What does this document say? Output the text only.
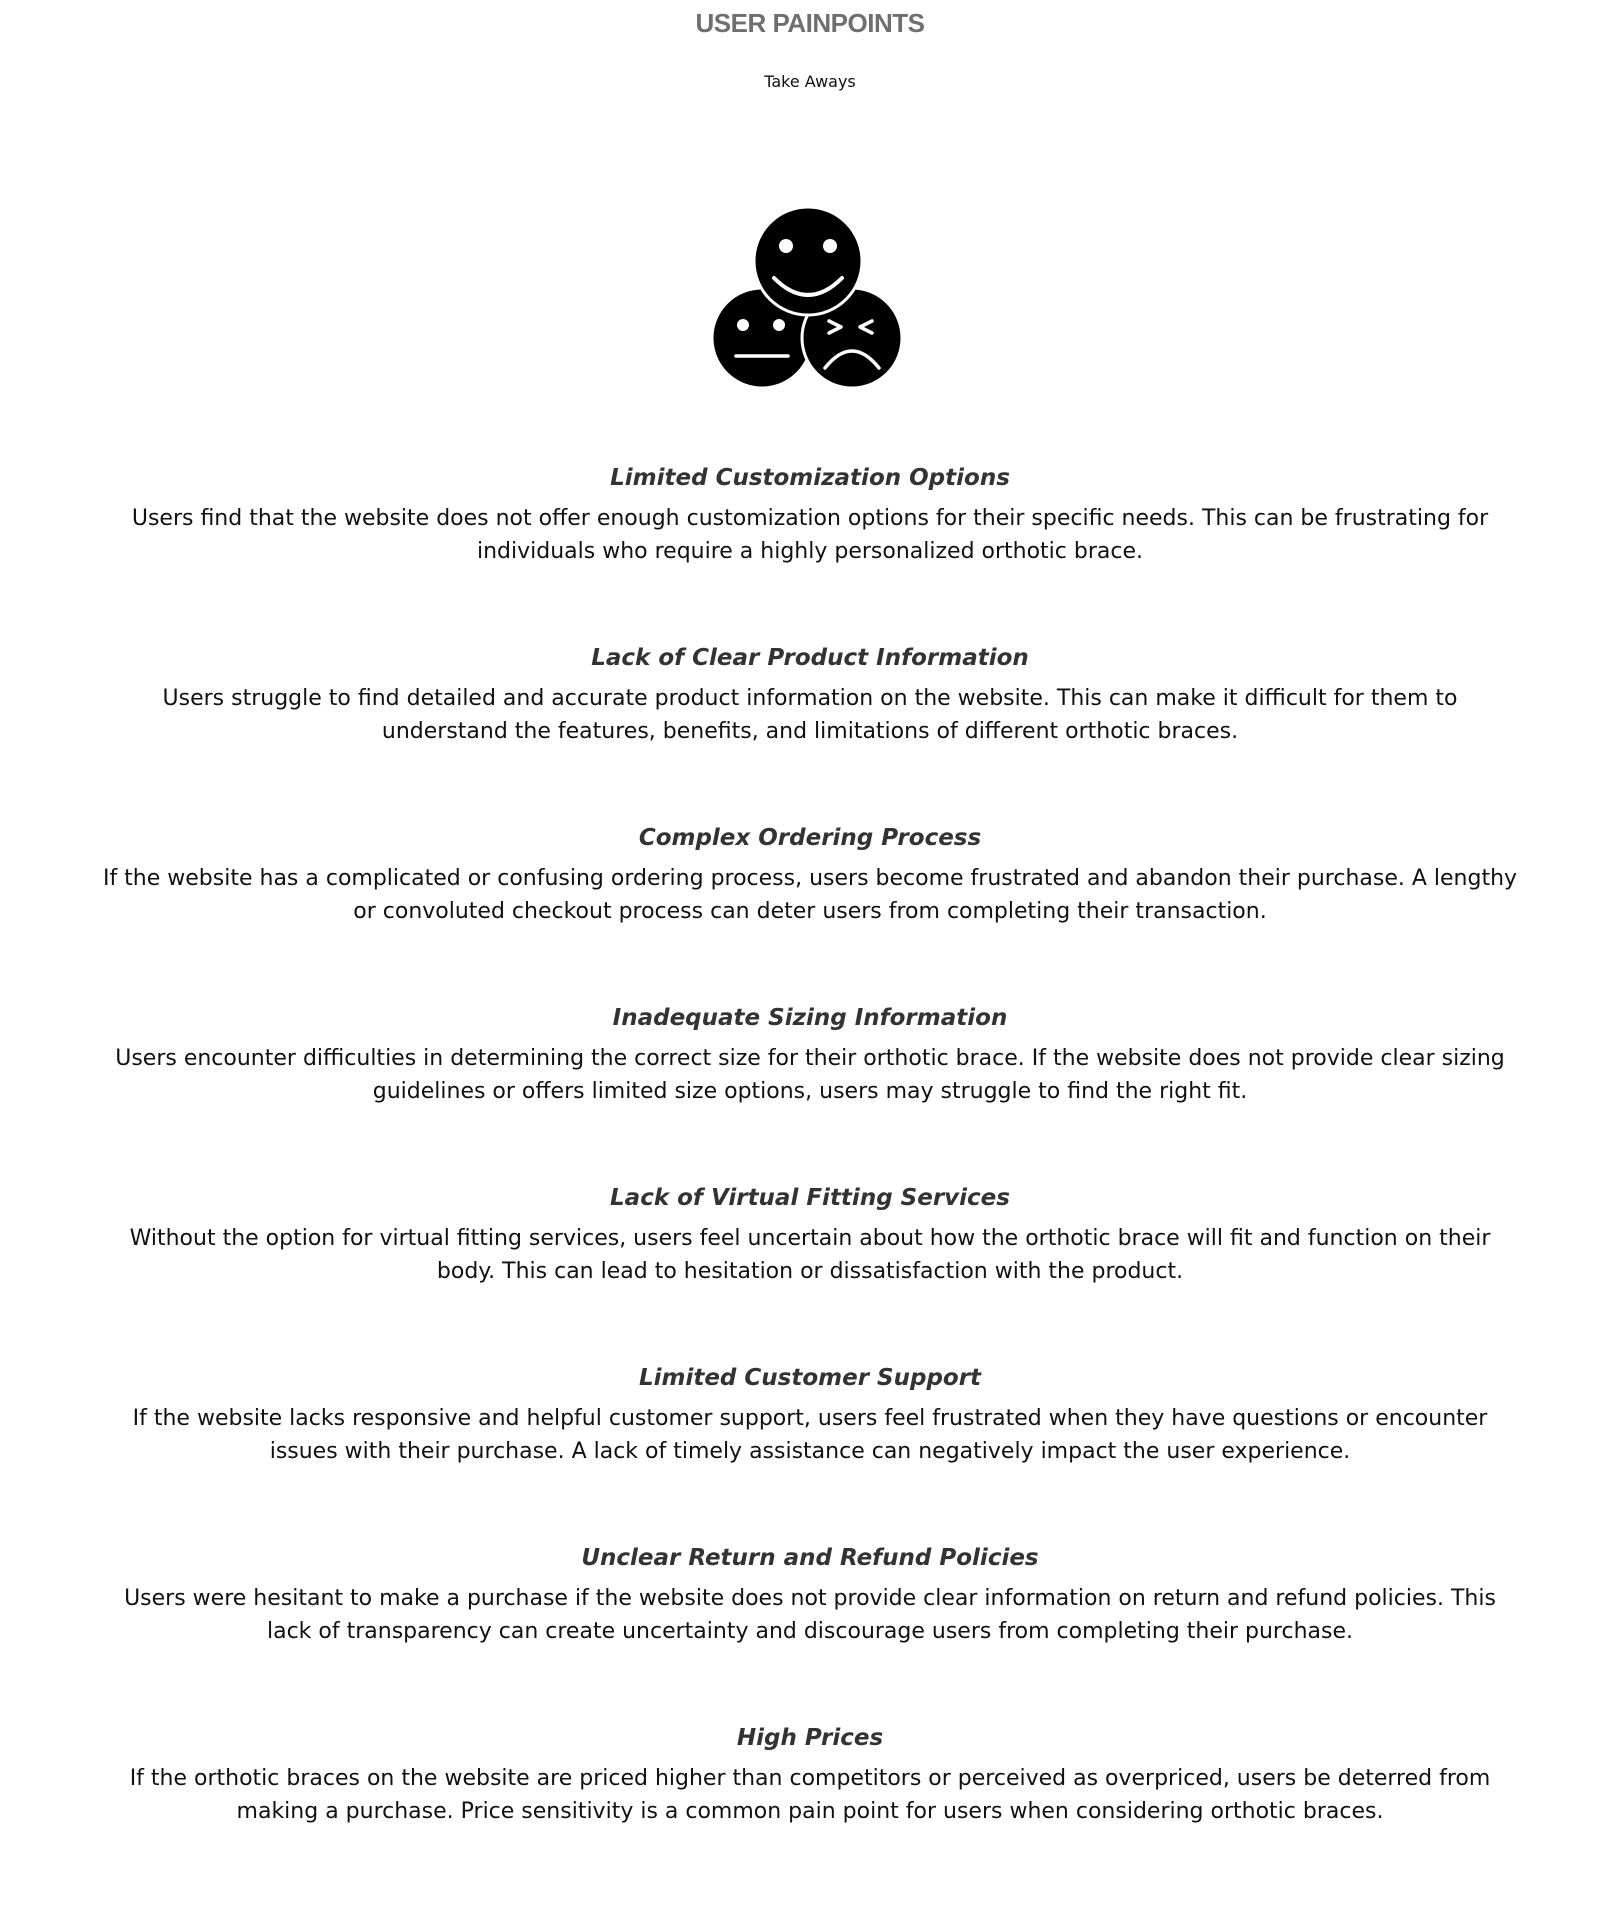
USER PAINPOINTS
Take Aways

Limited Customization Options

Users find that the website does not offer enough customization options for their specific needs. This can be frustrating for individuals who require a highly personalized orthotic brace.

Lack of Clear Product Information

Users struggle to find detailed and accurate product information on the website. This can make it difficult for them to understand the features, benefits, and limitations of different orthotic braces.

Complex Ordering Process

If the website has a complicated or confusing ordering process, users become frustrated and abandon their purchase. A lengthy or convoluted checkout process can deter users from completing their transaction.

Inadequate Sizing Information

Users encounter difficulties in determining the correct size for their orthotic brace. If the website does not provide clear sizing guidelines or offers limited size options, users may struggle to find the right fit.

Lack of Virtual Fitting Services

Without the option for virtual fitting services, users feel uncertain about how the orthotic brace will fit and function on their body. This can lead to hesitation or dissatisfaction with the product.

Limited Customer Support

If the website lacks responsive and helpful customer support, users feel frustrated when they have questions or encounter issues with their purchase. A lack of timely assistance can negatively impact the user experience.

Unclear Return and Refund Policies

Users were hesitant to make a purchase if the website does not provide clear information on return and refund policies. This lack of transparency can create uncertainty and discourage users from completing their purchase.

High Prices

If the orthotic braces on the website are priced higher than competitors or perceived as overpriced, users be deterred from making a purchase. Price sensitivity is a common pain point for users when considering orthotic braces.
